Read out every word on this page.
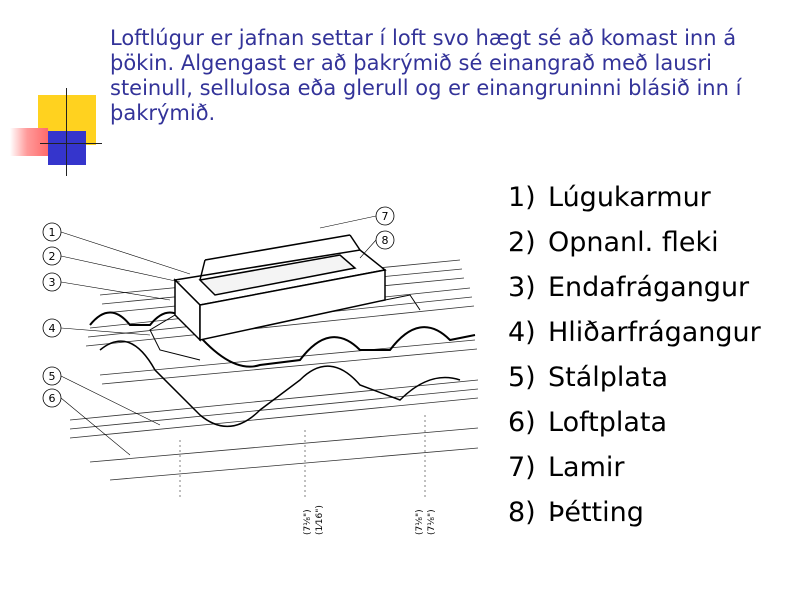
Loftlúgur er jafnan settar í loft svo hægt sé að komast inn á þökin. Algengast er að þakrýmið sé einangrað með lausri steinull, sellulosa eða glerull og er einangruninni blásið inn í þakrýmið.
1
2
3
4
5
6
7
8
(7⅛") (1⁄16")	(7⅛") (7⅛")
1) Lúgukarmur
2) Opnanl. fleki
3) Endafrágangur
4) Hliðarfrágangur
5) Stálplata
6) Loftplata
7) Lamir
8) Þétting
